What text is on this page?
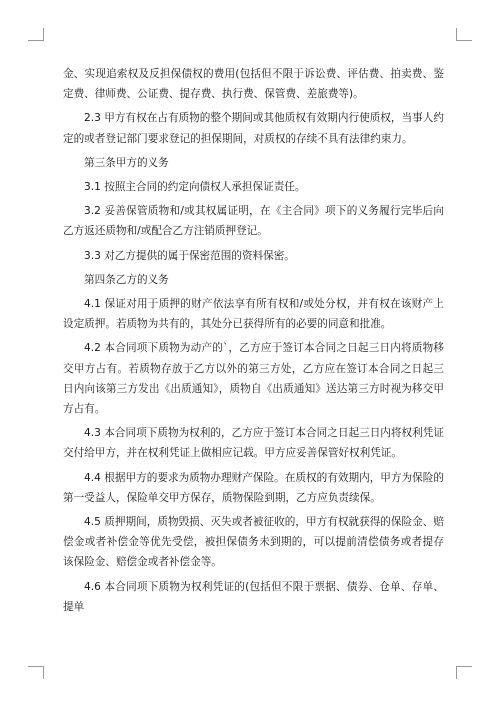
金、实现追索权及反担保债权的费用(包括但不限于诉讼费、评估费、拍卖费、鉴定费、律师费、公证费、提存费、执行费、保管费、差旅费等)。

2.3 甲方有权在占有质物的整个期间或其他质权有效期内行使质权，当事人约定的或者登记部门要求登记的担保期间，对质权的存续不具有法律约束力。

第三条甲方的义务

3.1 按照主合同的约定向债权人承担保证责任。

3.2 妥善保管质物和/或其权属证明，在《主合同》项下的义务履行完毕后向乙方返还质物和/或配合乙方注销质押登记。

3.3 对乙方提供的属于保密范围的资料保密。

第四条乙方的义务

4.1 保证对用于质押的财产依法享有所有权和/或处分权，并有权在该财产上设定质押。若质物为共有的，其处分已获得所有的必要的同意和批准。

4.2 本合同项下质物为动产的`，乙方应于签订本合同之日起三日内将质物移交甲方占有。若质物存放于乙方以外的第三方处，乙方应在签订本合同之日起三日内向该第三方发出《出质通知》，质物自《出质通知》送达第三方时视为移交甲方占有。

4.3 本合同项下质物为权利的，乙方应于签订本合同之日起三日内将权利凭证交付给甲方，并在权利凭证上做相应记载。甲方应妥善保管好权利凭证。

4.4 根据甲方的要求为质物办理财产保险。在质权的有效期内，甲方为保险的第一受益人，保险单交甲方保存，质物保险到期，乙方应负责续保。

4.5 质押期间，质物毁损、灭失或者被征收的，甲方有权就获得的保险金、赔偿金或者补偿金等优先受偿，被担保债务未到期的，可以提前清偿债务或者提存该保险金、赔偿金或者补偿金等。

4.6 本合同项下质物为权利凭证的(包括但不限于票据、债券、仓单、存单、提单
